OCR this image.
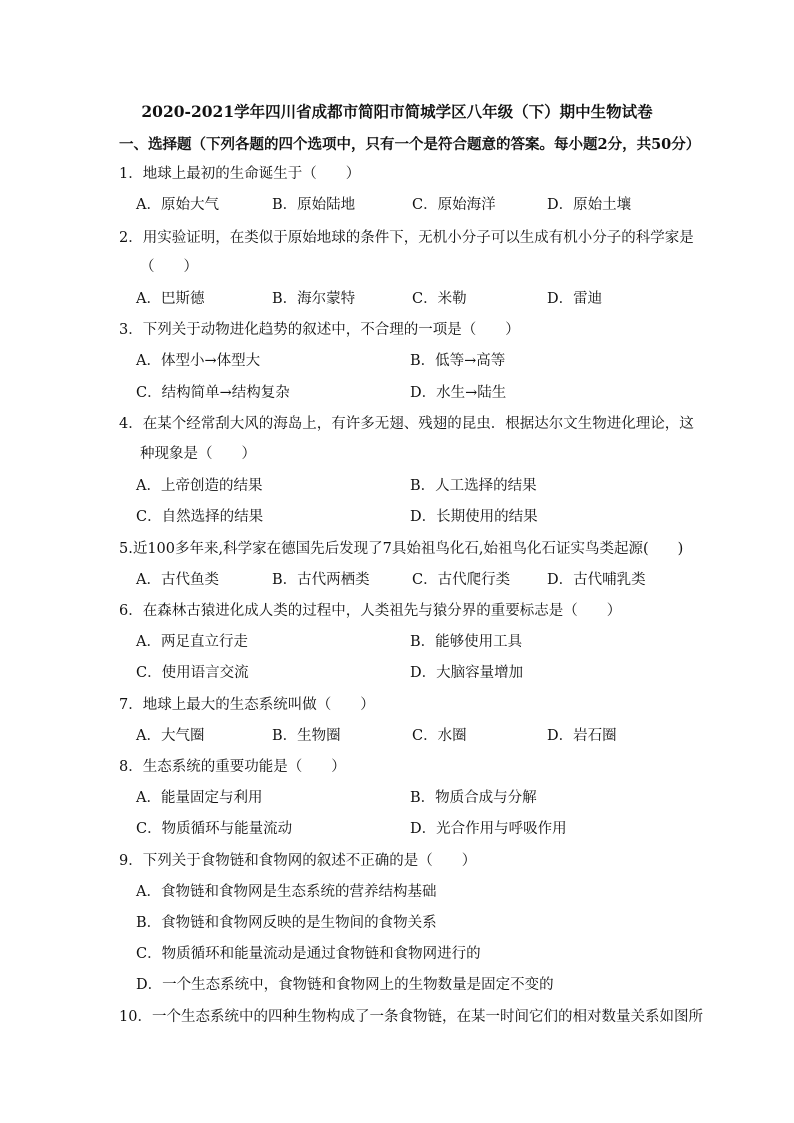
2020-2021学年四川省成都市简阳市简城学区八年级（下）期中生物试卷
一、选择题（下列各题的四个选项中，只有一个是符合题意的答案。每小题2分，共50分）
1．地球上最初的生命诞生于（　　）
A．原始大气	B．原始陆地	C．原始海洋	D．原始土壤
2．用实验证明，在类似于原始地球的条件下，无机小分子可以生成有机小分子的科学家是
（　　）
A．巴斯德	B．海尔蒙特	C．米勒	D．雷迪
3．下列关于动物进化趋势的叙述中，不合理的一项是（　　）
A．体型小→体型大	B．低等→高等
C．结构简单→结构复杂	D．水生→陆生
4．在某个经常刮大风的海岛上，有许多无翅、残翅的昆虫．根据达尔文生物进化理论，这
种现象是（　　）
A．上帝创造的结果	B．人工选择的结果
C．自然选择的结果	D．长期使用的结果
5.近100多年来,科学家在德国先后发现了7具始祖鸟化石,始祖鸟化石证实鸟类起源(　　)
A．古代鱼类	B．古代两栖类	C．古代爬行类	D．古代哺乳类
6．在森林古猿进化成人类的过程中，人类祖先与猿分界的重要标志是（　　）
A．两足直立行走	B．能够使用工具
C．使用语言交流	D．大脑容量增加
7．地球上最大的生态系统叫做（　　）
A．大气圈	B．生物圈	C．水圈	D．岩石圈
8．生态系统的重要功能是（　　）
A．能量固定与利用	B．物质合成与分解
C．物质循环与能量流动	D．光合作用与呼吸作用
9．下列关于食物链和食物网的叙述不正确的是（　　）
A．食物链和食物网是生态系统的营养结构基础
B．食物链和食物网反映的是生物间的食物关系
C．物质循环和能量流动是通过食物链和食物网进行的
D．一个生态系统中，食物链和食物网上的生物数量是固定不变的
10．一个生态系统中的四种生物构成了一条食物链，在某一时间它们的相对数量关系如图所
